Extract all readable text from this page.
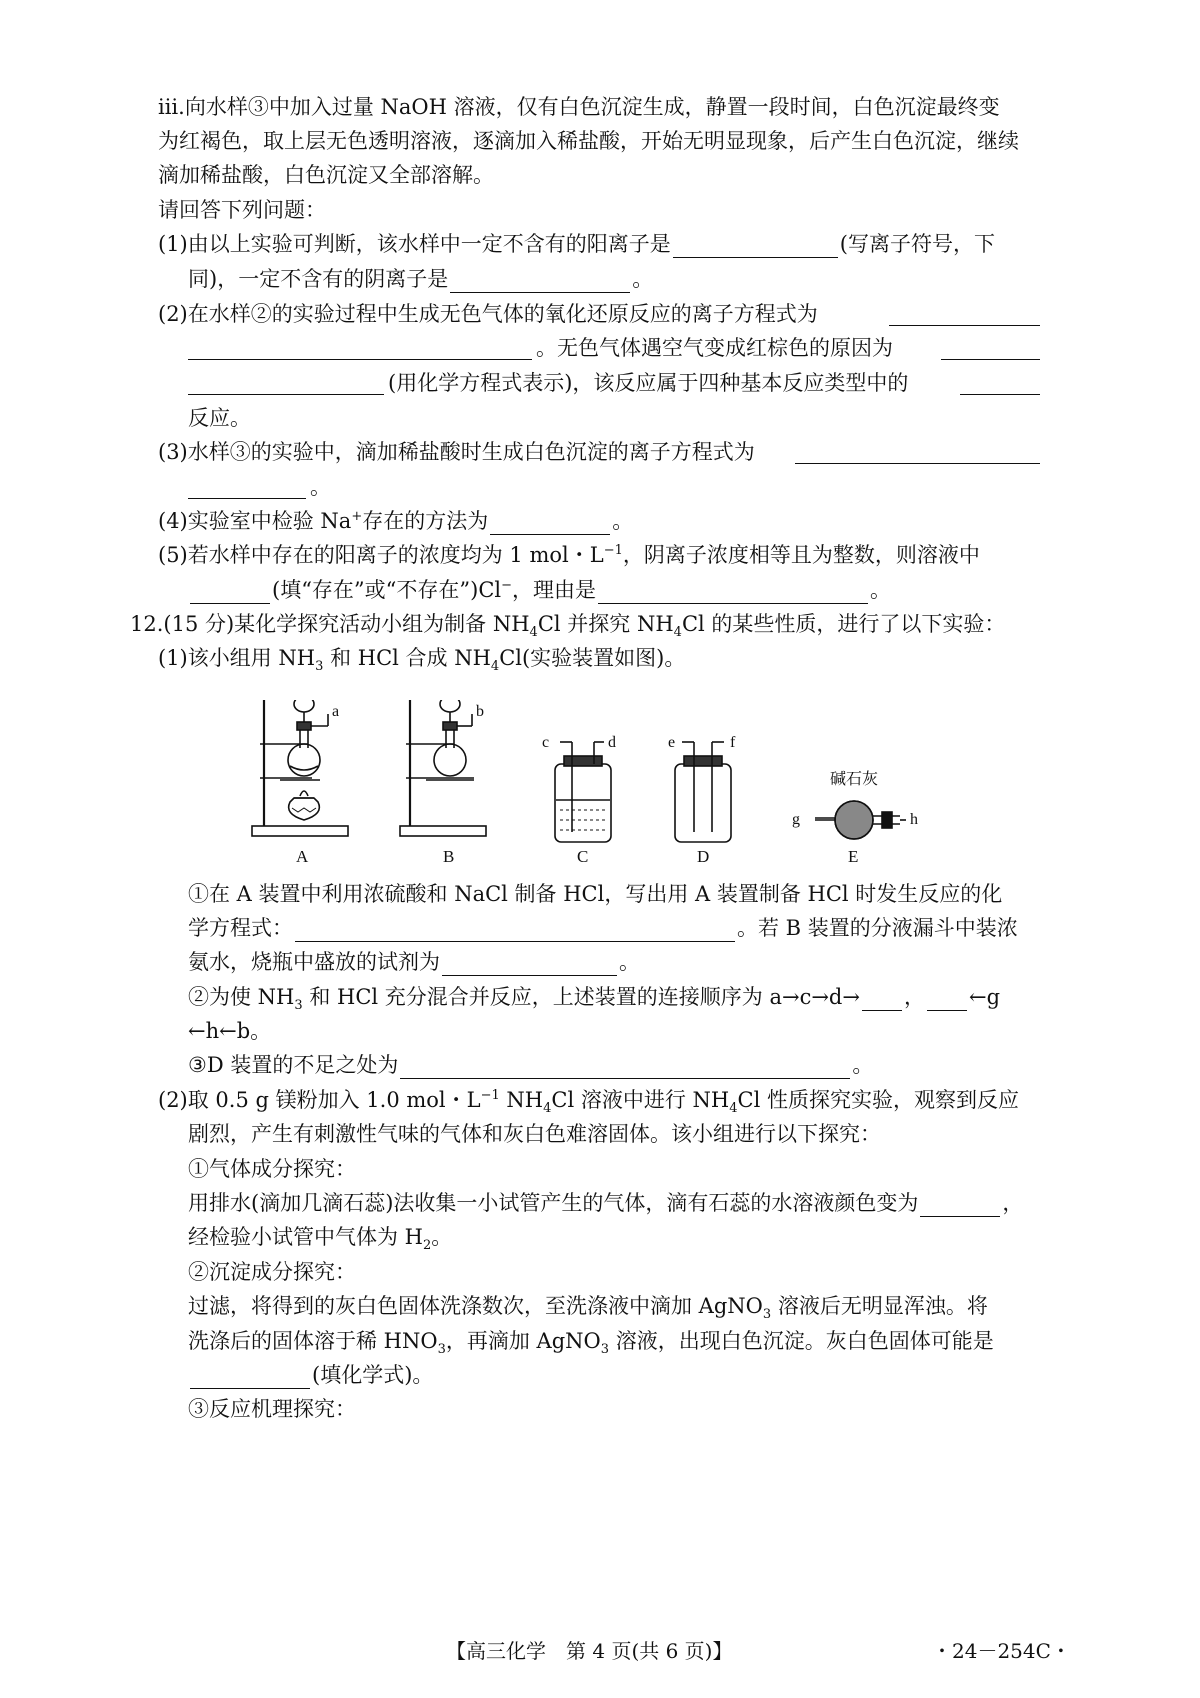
ⅲ.向水样③中加入过量 NaOH 溶液，仅有白色沉淀生成，静置一段时间，白色沉淀最终变
为红褐色，取上层无色透明溶液，逐滴加入稀盐酸，开始无明显现象，后产生白色沉淀，继续
滴加稀盐酸，白色沉淀又全部溶解。
请回答下列问题：
(1)由以上实验可判断，该水样中一定不含有的阳离子是	(写离子符号，下
同)，一定不含有的阴离子是	。
(2)在水样②的实验过程中生成无色气体的氧化还原反应的离子方程式为
。无色气体遇空气变成红棕色的原因为
(用化学方程式表示)，该反应属于四种基本反应类型中的
反应。
(3)水样③的实验中，滴加稀盐酸时生成白色沉淀的离子方程式为
。
(4)实验室中检验 Na+存在的方法为	。
(5)若水样中存在的阳离子的浓度均为 1 mol・$L^{-1}$，阴离子浓度相等且为整数，则溶液中
(填“存在”或“不存在”)Cl−，理由是	。
12.(15 分)某化学探究活动小组为制备 $NH_4Cl$ 并探究 $NH_4Cl$ 的某些性质，进行了以下实验：
(1)该小组用 $NH_3$ 和 HCl 合成 $NH_4Cl$(实验装置如图)。
a	b
c	d	e	f
g	h
碱石灰
A	B	C	D	E
①在 A 装置中利用浓硫酸和 NaCl 制备 HCl，写出用 A 装置制备 HCl 时发生反应的化
学方程式：	。若 B 装置的分液漏斗中装浓
氨水，烧瓶中盛放的试剂为	。
②为使 $NH_3$ 和 HCl 充分混合并反应，上述装置的连接顺序为 a→c→d→ ， ←g
←h←b。
③D 装置的不足之处为	。
(2)取 0.5 g 镁粉加入 1.0 mol・$L^{-1}$ $NH_4Cl$ 溶液中进行 $NH_4Cl$ 性质探究实验，观察到反应
剧烈，产生有刺激性气味的气体和灰白色难溶固体。该小组进行以下探究：
①气体成分探究：
用排水(滴加几滴石蕊)法收集一小试管产生的气体，滴有石蕊的水溶液颜色变为	，
经检验小试管中气体为 $H_2$。
②沉淀成分探究：
过滤，将得到的灰白色固体洗涤数次，至洗涤液中滴加 AgNO$_3$ 溶液后无明显浑浊。将
洗涤后的固体溶于稀 $HNO_3$，再滴加 AgNO$_3$ 溶液，出现白色沉淀。灰白色固体可能是
(填化学式)。
③反应机理探究：
【高三化学　第 4 页(共 6 页)】	・24－254C・
